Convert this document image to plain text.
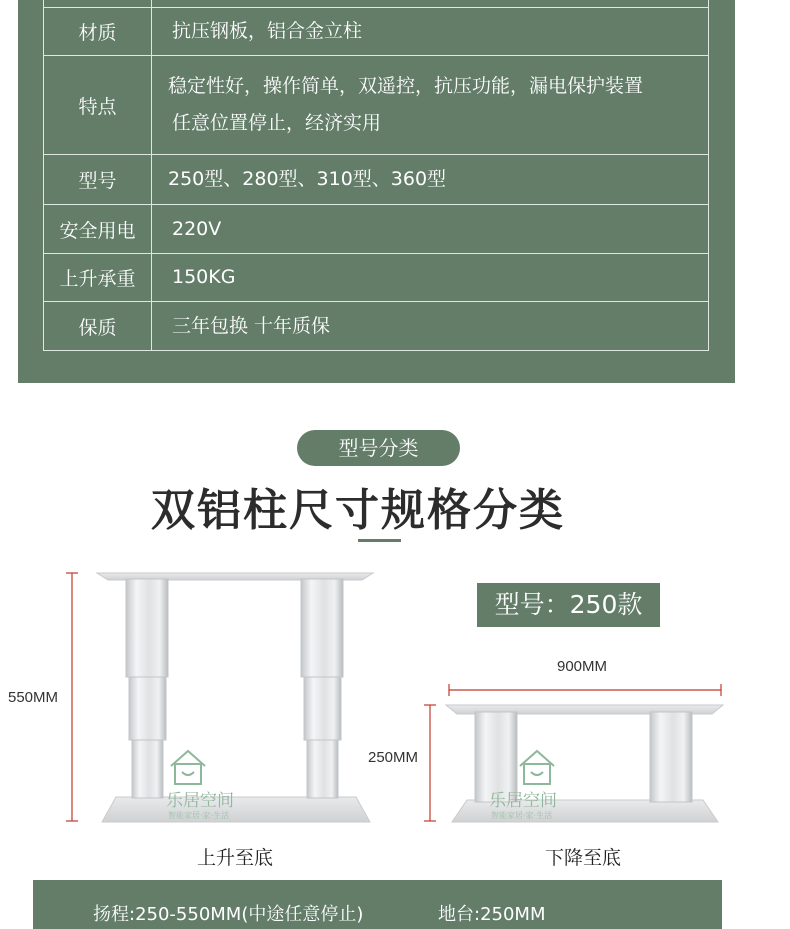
材质	抗压钢板，铝合金立柱
特点	稳定性好，操作简单，双遥控，抗压功能，漏电保护装置
任意位置停止，经济实用

型号	250型、280型、310型、360型
安全用电	220V
上升承重	150KG
保质	三年包换 十年质保
型号分类
双铝柱尺寸规格分类
乐居空间
智能家居·家·生活
乐居空间
智能家居·家·生活
型号：250款
550MM
250MM
900MM
上升至底	下降至底
扬程:250-550MM(中途任意停止)	地台:250MM
